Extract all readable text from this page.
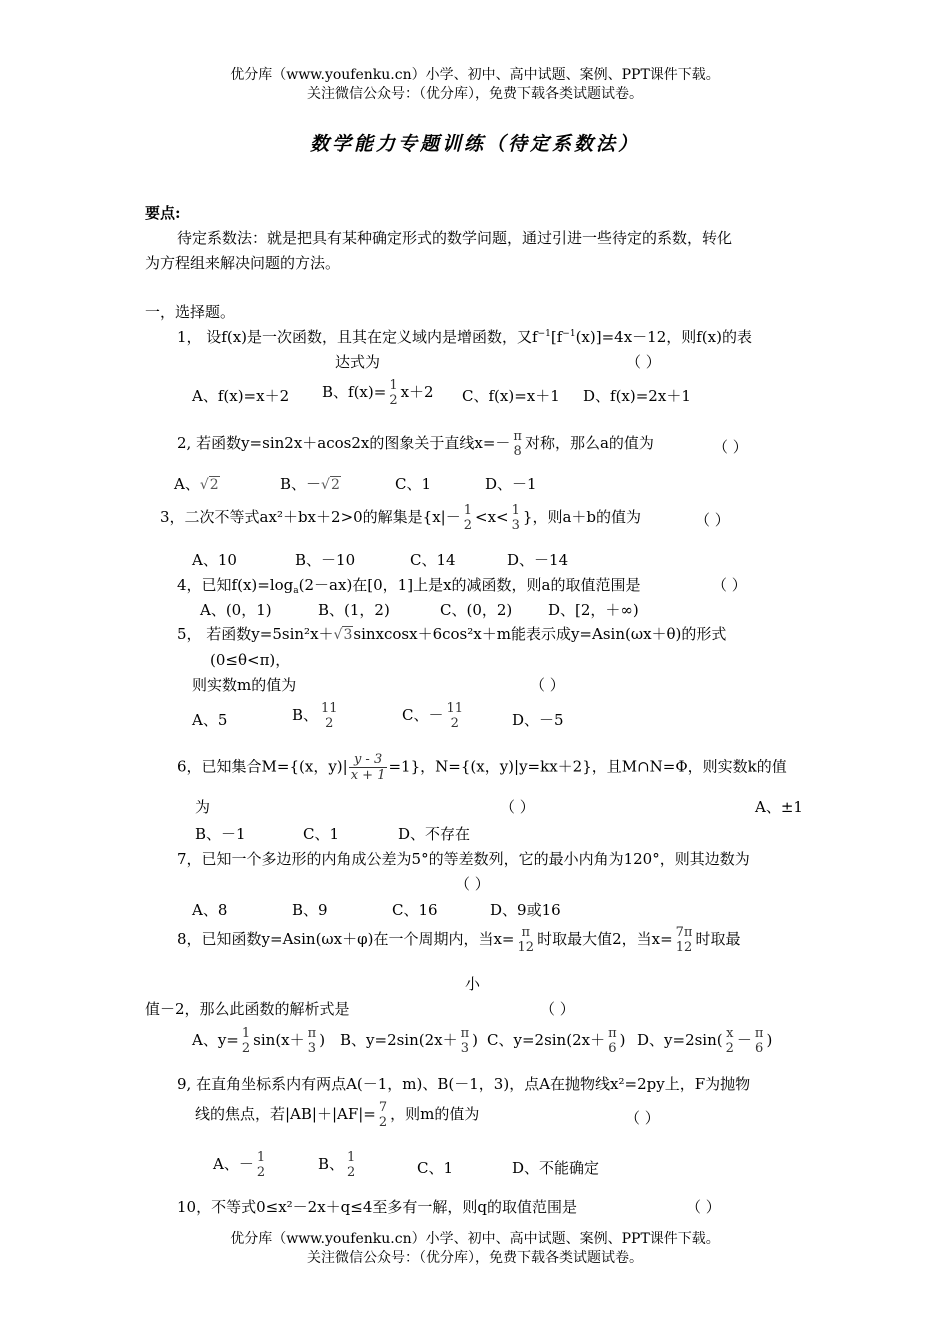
优分库（www.youfenku.cn）小学、初中、高中试题、案例、PPT课件下载。
关注微信公众号：（优分库），免费下载各类试题试卷。
数学能力专题训练（待定系数法）
要点:
待定系数法：就是把具有某种确定形式的数学问题，通过引进一些待定的系数，转化
为方程组来解决问题的方法。
一，选择题。
1， 设f(x)是一次函数，且其在定义域内是增函数，又$f^{-1}[f^{-1}(x)]=4x-12$，则f(x)的表
达式为	（ ）
A、f(x)=x＋2 B、f(x)= 1
2 x＋2 C、f(x)=x＋1 D、f(x)=2x＋1
2, 若函数y=sin2x＋acos2x的图象关于直线x=－ π
8 对称，那么a的值为	（ ）
A、√2	B、－√2	C、1	D、－1
3，二次不等式ax²＋bx＋2>0的解集是{x|－ 1
2 <x< 1
3 }，则a＋b的值为	（ ）
A、10	B、－10	C、14	D、－14
4，已知$f(x)=\log_a(2-ax)$在[0，1]上是x的减函数，则a的取值范围是	（ ）
A、(0，1)	B、(1，2)	C、(0，2) D、[2，＋∞)
5， 若函数y=5sin²x＋√3sinxcosx＋6cos²x＋m能表示成y=Asin(ωx＋θ)的形式
(0≤θ<π)，
则实数m的值为	（ ）
A、5	B、 11
2	C、－ 11
2	D、－5
6，已知集合M={(x，$y)| \frac{y - 3}{x + 1} =1$}，N={(x，y)|y=kx＋2}，且M∩N=Φ，则实数k的值
为	（ ）	A、±1
B、－1	C、1	D、不存在
7，已知一个多边形的内角成公差为5°的等差数列，它的最小内角为120°，则其边数为
（ ）
A、8	B、9	C、16	D、9或16
8，已知函数y=Asin(ωx＋φ)在一个周期内，当x= π
12 时取最大值2，当x= 7π
12 时取最
小
值－2，那么此函数的解析式是	（ ）
A、y= 1
2 sin(x＋ π
3 ) B、y=2sin(2x＋ π
3 ) C、y=2sin(2x＋ π
6 ) D、y=2sin( x
2 － π
6 )
9, 在直角坐标系内有两点A(－1，m)、B(－1，3)，点A在抛物线x²=2py上，F为抛物
线的焦点，若|AB|＋|AF|= 7
2 ，则m的值为	（ ）
A、－ 1
2	B、 1
2	C、1	D、不能确定
10，不等式0≤x²－2x＋q≤4至多有一解，则q的取值范围是	（ ）
优分库（www.youfenku.cn）小学、初中、高中试题、案例、PPT课件下载。
关注微信公众号：（优分库），免费下载各类试题试卷。
